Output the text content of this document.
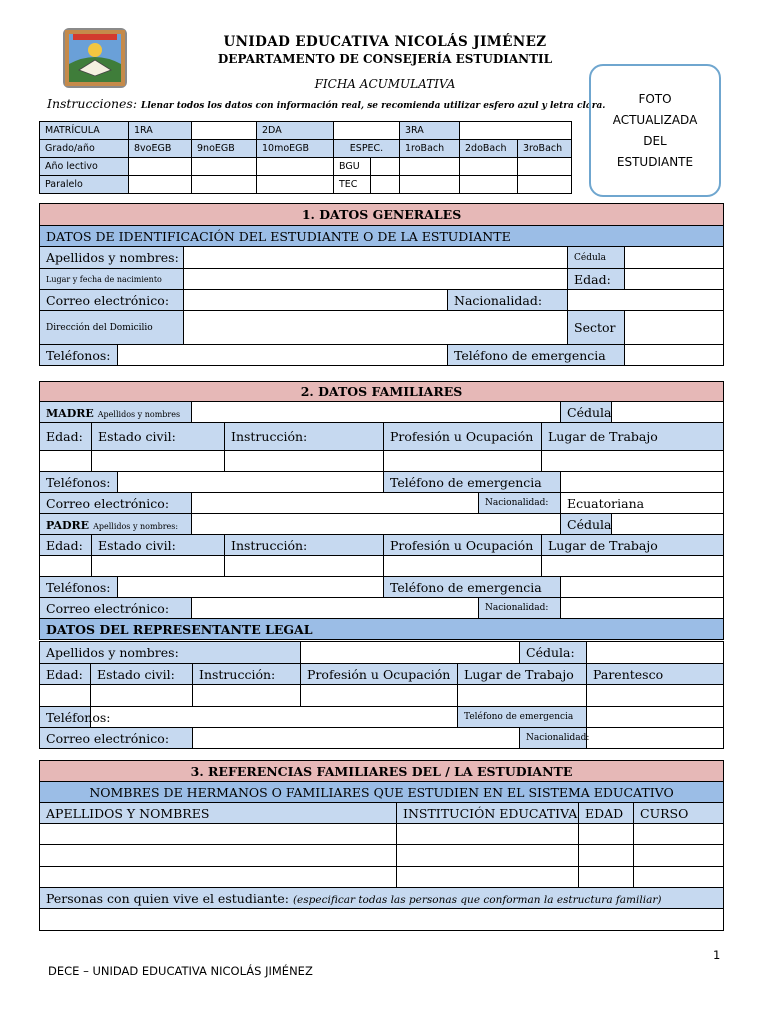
UNIDAD EDUCATIVA NICOLÁS JIMÉNEZ
DEPARTAMENTO DE CONSEJERÍA ESTUDIANTIL
FICHA ACUMULATIVA
Instrucciones: Llenar todos los datos con información real, se recomienda utilizar esfero azul y letra clara.
FOTO
ACTUALIZADA
DEL
ESTUDIANTE
MATRÍCULA	1RA		2DA			3RA		
Grado/año	8voEGB	9noEGB	10moEGB	ESPEC.		1roBach	2doBach	3roBach
Año lectivo				BGU				
Paralelo				TEC				
1. DATOS GENERALES					
DATOS DE IDENTIFICACIÓN DEL ESTUDIANTE O DE LA ESTUDIANTE					
Apellidos y nombres:				Cédula	
Lugar y fecha de nacimiento				Edad:	
Correo electrónico:			Nacionalidad:		
Dirección del Domicilio				Sector	
Teléfonos:			Teléfono de emergencia		
2. DATOS FAMILIARES									
MADRE Apellidos y nombres								Cédula	
Edad:	Estado civil:			Instrucción:	Profesión u Ocupación		Lugar de Trabajo		

Teléfonos:					Teléfono de emergencia				
Correo electrónico:						Nacionalidad:		Ecuatoriana	
PADRE Apellidos y nombres:								Cédula	
Edad:	Estado civil:			Instrucción:	Profesión u Ocupación		Lugar de Trabajo		

Teléfonos:					Teléfono de emergencia				
Correo electrónico:						Nacionalidad:			
DATOS DEL REPRESENTANTE LEGAL									
Apellidos y nombres:					Cédula:	
Edad:	Estado civil:	Instrucción:	Profesión u Ocupación	Lugar de Trabajo		Parentesco

Teléfonos:				Teléfono de emergencia		
Correo electrónico:					Nacionalidad:	
3. REFERENCIAS FAMILIARES DEL / LA ESTUDIANTE			
NOMBRES DE HERMANOS O FAMILIARES QUE ESTUDIEN EN EL SISTEMA EDUCATIVO			
APELLIDOS Y NOMBRES	INSTITUCIÓN EDUCATIVA	EDAD	CURSO

Personas con quien vive el estudiante: (especificar todas las personas que conforman la estructura familiar)			

1
DECE – UNIDAD EDUCATIVA NICOLÁS JIMÉNEZ
